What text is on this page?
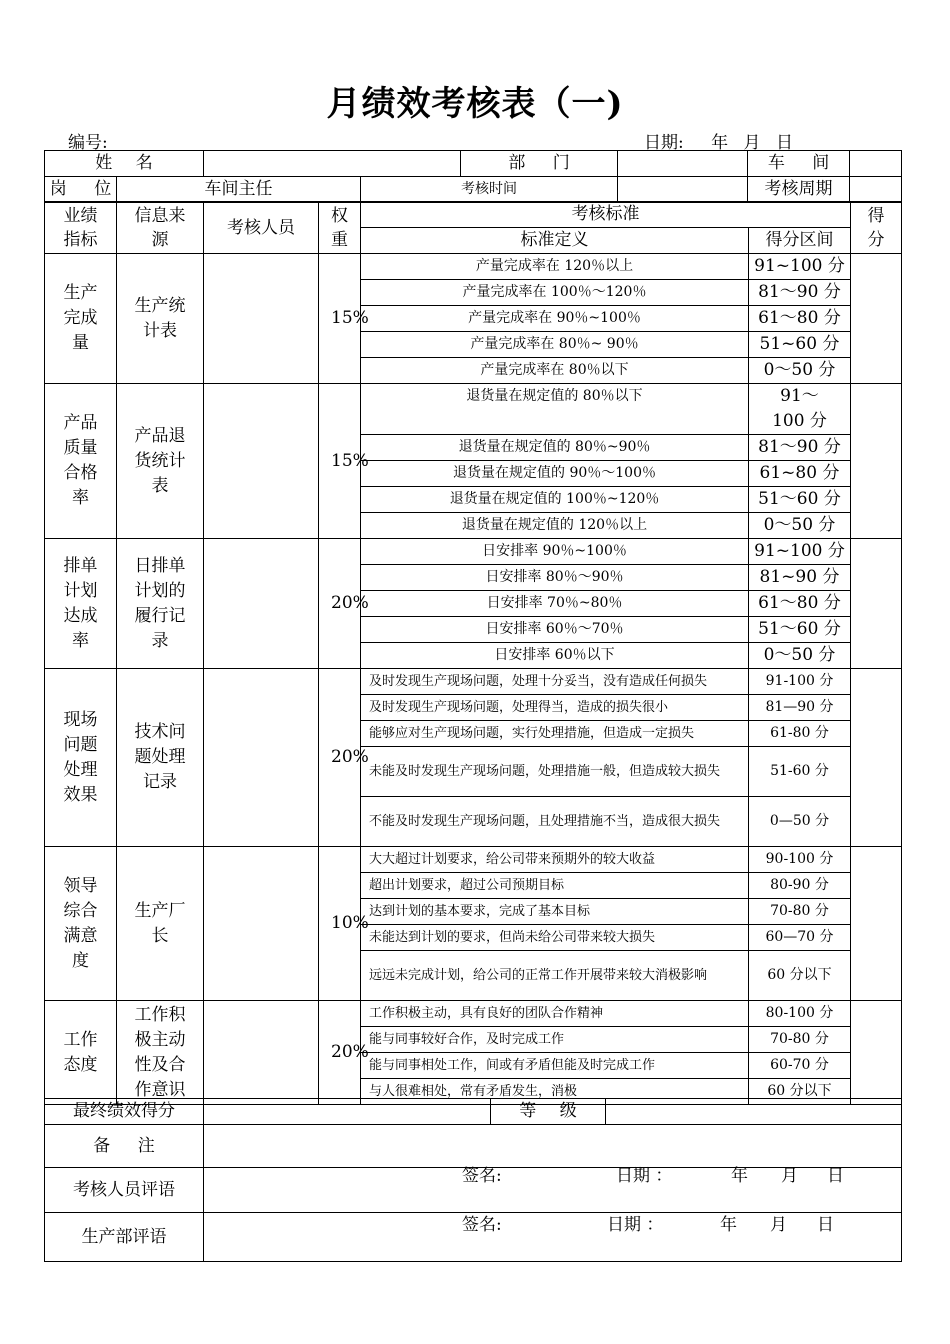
月绩效考核表（一)
编号:	日期: 年 月 日
姓 名				部 门		车 间	
岗 位	车间主任		考核时间			考核周期	
业绩指标	信息来源	考核人员	权重	考核标准		得分
				标准定义	得分区间	
生产完成量	生产统计表		15%	产量完成率在 120％以上	91~100 分	
				产量完成率在 100％～120％	81～90 分	
				产量完成率在 90％~100％	61～80 分	
				产量完成率在 80％~ 90％	51~60 分	
				产量完成率在 80％以下	0～50 分	
产品质量合格率	产品退货统计表		15%	退货量在规定值的 80％以下	91～100 分	
				退货量在规定值的 80％~90％	81～90 分	
				退货量在规定值的 90％～100％	61~80 分	
				退货量在规定值的 100％~120％	51～60 分	
				退货量在规定值的 120％以上	0～50 分	
排单计划达成率	日排单计划的履行记录		20%	日安排率 90％~100％	91~100 分	
				日安排率 80％～90％	81~90 分	
				日安排率 70％~80％	61～80 分	
				日安排率 60％～70％	51～60 分	
				日安排率 60％以下	0～50 分	
现场问题处理效果	技术问题处理记录		20%	及时发现生产现场问题，处理十分妥当，没有造成任何损失	91-100 分	
				及时发现生产现场问题，处理得当，造成的损失很小	81—90 分	
				能够应对生产现场问题，实行处理措施，但造成一定损失	61-80 分	
				未能及时发现生产现场问题，处理措施一般，但造成较大损失	51-60 分	
				不能及时发现生产现场问题，且处理措施不当，造成很大损失	0—50 分	
领导综合满意度	生产厂长		10%	大大超过计划要求，给公司带来预期外的较大收益	90-100 分	
				超出计划要求，超过公司预期目标	80-90 分	
				达到计划的基本要求，完成了基本目标	70-80 分	
				未能达到计划的要求，但尚未给公司带来较大损失	60—70 分	
				远远未完成计划，给公司的正常工作开展带来较大消极影响	60 分以下	
工作态度	工作积极主动性及合作意识		20%	工作积极主动，具有良好的团队合作精神	80-100 分	
				能与同事较好合作，及时完成工作	70-80 分	
				能与同事相处工作，间或有矛盾但能及时完成工作	60-70 分	
				与人很难相处，常有矛盾发生，消极	60 分以下	
最终绩效得分		等 级	
备 注			
考核人员评语	签名: 日期 ： 年 月 日		

生产部评语	签名: 日期 ： 年 月 日		
